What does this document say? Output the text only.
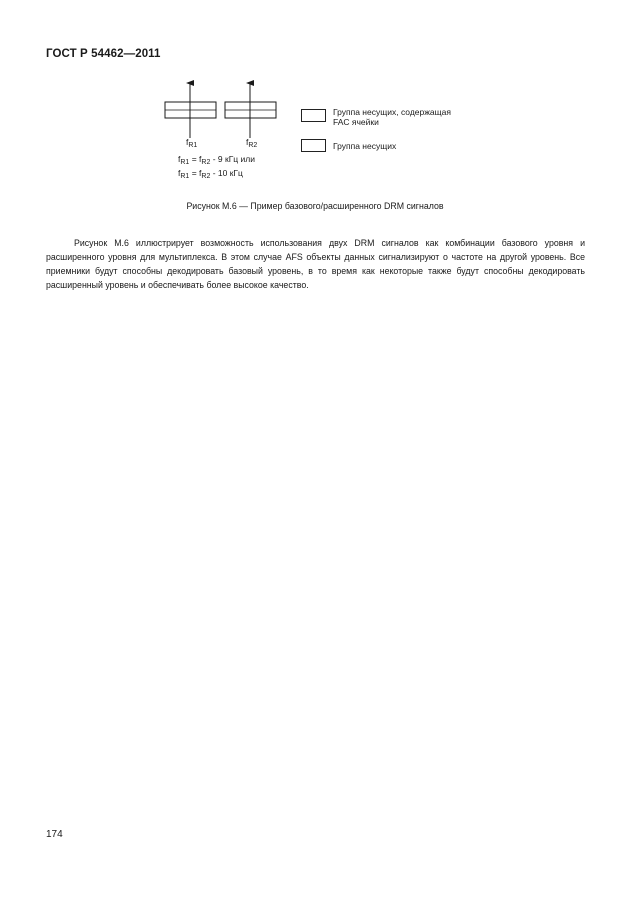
ГОСТ Р 54462—2011
Группа несущих, содержащая
FAC ячейки
Группа несущих
$f_{R1}$	$f_{R2}$
$f_{R1} = f_{R2} - 9$ кГц или
$f_{R1} = f_{R2} - 10$ кГц
Рисунок М.6 — Пример базового/расширенного DRM сигналов

Рисунок М.6 иллюстрирует возможность использования двух DRM сигналов как комбинации базового уровня и расширенного уровня для мультиплекса. В этом случае AFS объекты данных сигнализируют о частоте на другой уровень. Все приемники будут способны декодировать базовый уровень, в то время как некоторые также будут способны декодировать расширенный уровень и обеспечивать более высокое качество.

174
